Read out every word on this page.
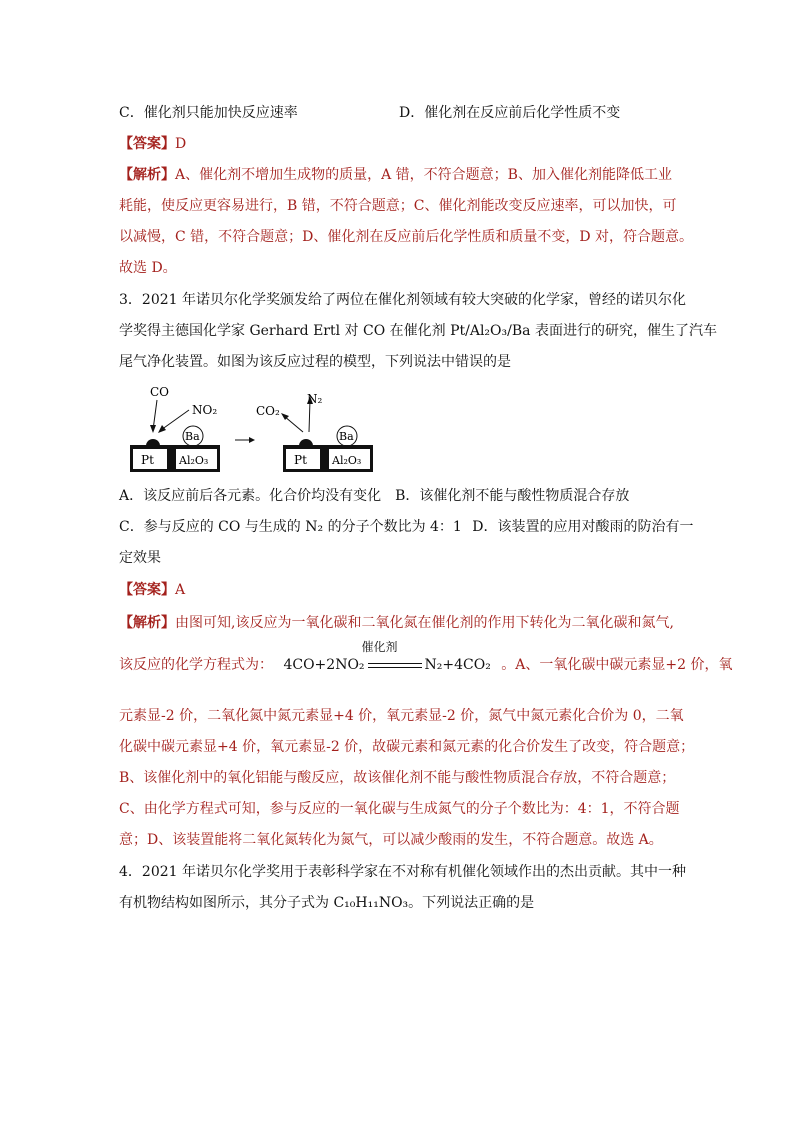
C．催化剂只能加快反应速率	D．催化剂在反应前后化学性质不变
【答案】D
【解析】A、催化剂不增加生成物的质量，A 错，不符合题意；B、加入催化剂能降低工业
耗能，使反应更容易进行，B 错，不符合题意；C、催化剂能改变反应速率，可以加快，可
以减慢，C 错，不符合题意；D、催化剂在反应前后化学性质和质量不变，D 对，符合题意。
故选 D。
3．2021 年诺贝尔化学奖颁发给了两位在催化剂领域有较大突破的化学家，曾经的诺贝尔化
学奖得主德国化学家 Gerhard Ertl 对 CO 在催化剂 Pt/Al₂O₃/Ba 表面进行的研究，催生了汽车
尾气净化装置。如图为该反应过程的模型，下列说法中错误的是
CO
NO₂
Ba
Pt Al₂O₃
CO₂
N₂
Ba
Pt Al₂O₃
A．该反应前后各元素。化合价均没有变化 B．该催化剂不能与酸性物质混合存放
C．参与反应的 CO 与生成的 N₂ 的分子个数比为 4：1 D．该装置的应用对酸雨的防治有一
定效果
【答案】A
【解析】由图可知,该反应为一氧化碳和二氧化氮在催化剂的作用下转化为二氧化碳和氮气,
该反应的化学方程式为： 4CO+2NO₂	N₂+4CO₂
催化剂
。A、一氧化碳中碳元素显+2 价，氧
元素显-2 价，二氧化氮中氮元素显+4 价，氧元素显-2 价，氮气中氮元素化合价为 0，二氧
化碳中碳元素显+4 价，氧元素显-2 价，故碳元素和氮元素的化合价发生了改变，符合题意；
B、该催化剂中的氧化铝能与酸反应，故该催化剂不能与酸性物质混合存放，不符合题意；
C、由化学方程式可知，参与反应的一氧化碳与生成氮气的分子个数比为：4：1，不符合题
意；D、该装置能将二氧化氮转化为氮气，可以减少酸雨的发生，不符合题意。故选 A。
4．2021 年诺贝尔化学奖用于表彰科学家在不对称有机催化领域作出的杰出贡献。其中一种
有机物结构如图所示，其分子式为 C₁₀H₁₁NO₃。下列说法正确的是
